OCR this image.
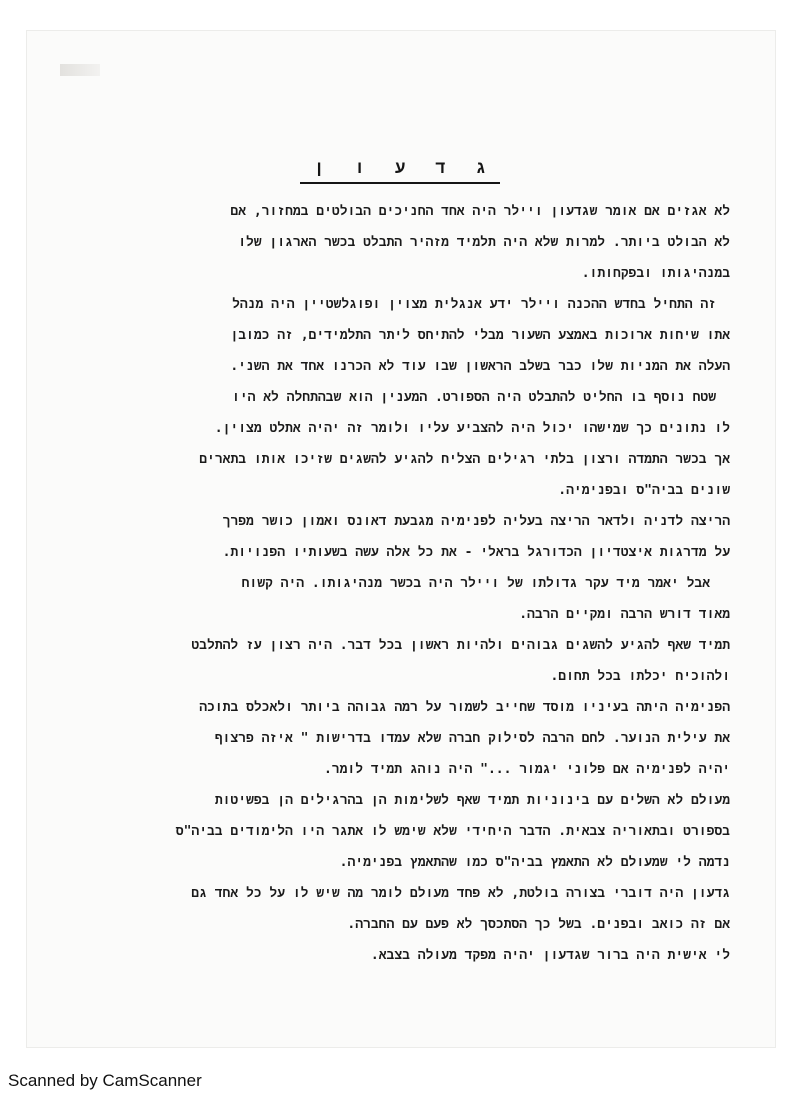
ג ד ע ו ן
לא אגזים אם אומר שגדעון ויילר היה אחד החניכים הבולטים במחזור, אם
לא הבולט ביותר. למרות שלא היה תלמיד מזהיר התבלט בכשר הארגון שלו
במנהיגותו ובפקחותו.
זה התחיל בחדש ההכנה ויילר ידע אנגלית מצוין ופוגלשטיין היה מנהל
אתו שיחות ארוכות באמצע השעור מבלי להתיחס ליתר התלמידים, זה כמובן
העלה את המניות שלו כבר בשלב הראשון שבו עוד לא הכרנו אחד את השני.
שטח נוסף בו החליט להתבלט היה הספורט. המענין הוא שבהתחלה לא היו
לו נתונים כך שמישהו יכול היה להצביע עליו ולומר זה יהיה אתלט מצוין.
אך בכשר התמדה ורצון בלתי רגילים הצליח להגיע להשגים שזיכו אותו בתארים
שונים בביה"ס ובפנימיה.
הריצה לדניה ולדאר הריצה בעליה לפנימיה מגבעת דאונס ואמון כושר מפרך
על מדרגות איצטדיון הכדורגל בראלי - את כל אלה עשה בשעותיו הפנויות.
אבל יאמר מיד עקר גדולתו של ויילר היה בכשר מנהיגותו. היה קשוח
מאוד דורש הרבה ומקיים הרבה.
תמיד שאף להגיע להשגים גבוהים ולהיות ראשון בכל דבר. היה רצון עז להתלבט
ולהוכיח יכלתו בכל תחום.
הפנימיה היתה בעיניו מוסד שחייב לשמור על רמה גבוהה ביותר ולאכלס בתוכה
את עילית הנוער. לחם הרבה לסילוק חברה שלא עמדו בדרישות " איזה פרצוף
יהיה לפנימיה אם פלוני יגמור ..." היה נוהג תמיד לומר.
מעולם לא השלים עם בינוניות תמיד שאף לשלימות הן בהרגילים הן בפשיטות
בספורט ובתאוריה צבאית. הדבר היחידי שלא שימש לו אתגר היו הלימודים בביה"ס
נדמה לי שמעולם לא התאמץ בביה"ס כמו שהתאמץ בפנימיה.
גדעון היה דוברי בצורה בולטת, לא פחד מעולם לומר מה שיש לו על כל אחד גם
אם זה כואב ובפנים. בשל כך הסתכסך לא פעם עם החברה.
לי אישית היה ברור שגדעון יהיה מפקד מעולה בצבא.
Scanned by CamScanner
